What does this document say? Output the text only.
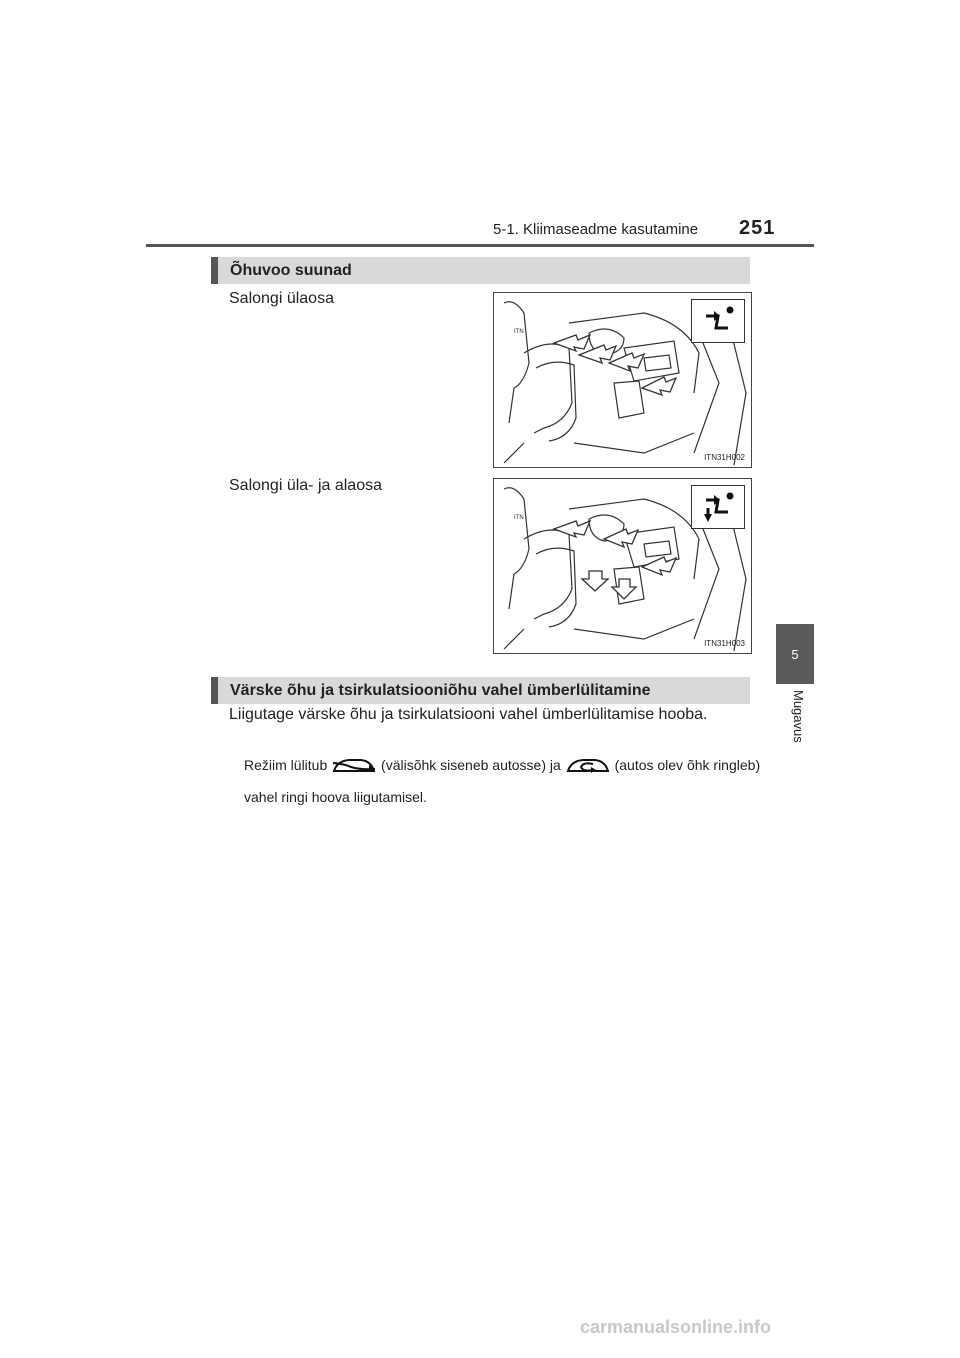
5-1. Kliimaseadme kasutamine 251
5
Mugavus
Õhuvoo suunad
Salongi ülaosa
ITN
ITN31H002
Salongi üla- ja alaosa
ITN
ITN31H003
Värske õhu ja tsirkulatsiooniõhu vahel ümberlülitamine
Liigutage värske õhu ja tsirkulatsiooni vahel ümberlülitamise hooba.
Režiim lülitub	(välisõhk siseneb autosse) ja	(autos olev õhk ringleb) vahel ringi hoova liigutamisel.
carmanualsonline.info
